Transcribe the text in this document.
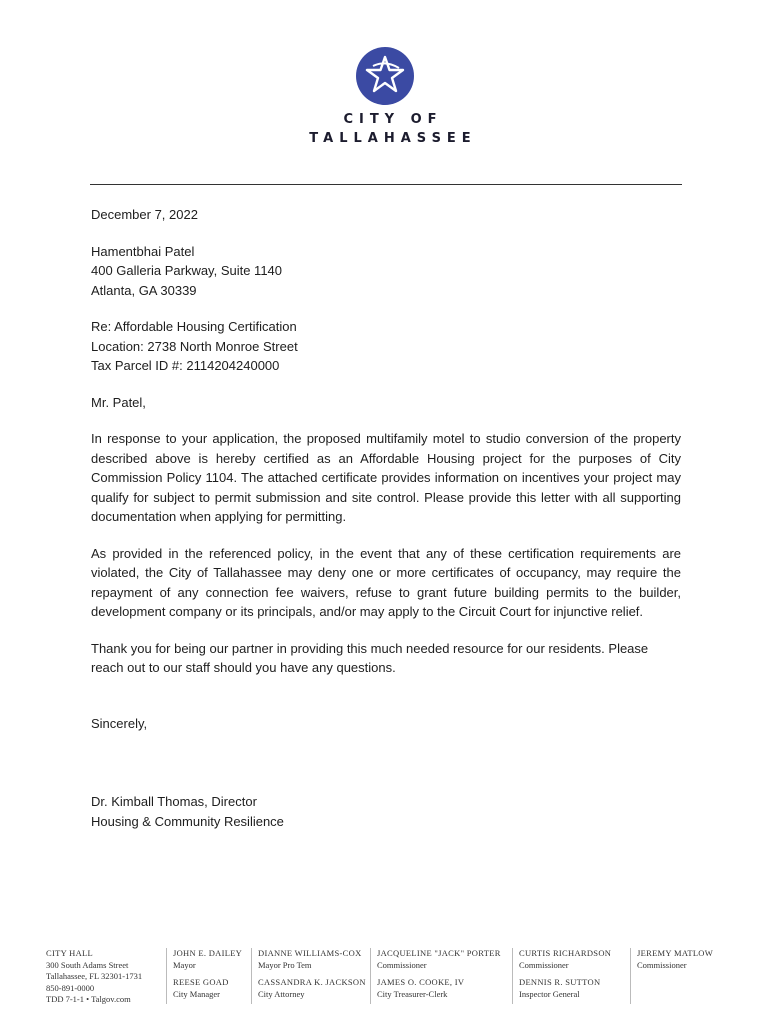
CITY OF
TALLAHASSEE

December 7, 2022

Hamentbhai Patel

400 Galleria Parkway, Suite 1140

Atlanta, GA 30339

Re: Affordable Housing Certification

Location: 2738 North Monroe Street

Tax Parcel ID #: 2114204240000

Mr. Patel,

In response to your application, the proposed multifamily motel to studio conversion of the property described above is hereby certified as an Affordable Housing project for the purposes of City Commission Policy 1104. The attached certificate provides information on incentives your project may qualify for subject to permit submission and site control. Please provide this letter with all supporting documentation when applying for permitting.

As provided in the referenced policy, in the event that any of these certification requirements are violated, the City of Tallahassee may deny one or more certificates of occupancy, may require the repayment of any connection fee waivers, refuse to grant future building permits to the builder, development company or its principals, and/or may apply to the Circuit Court for injunctive relief.

Thank you for being our partner in providing this much needed resource for our residents. Please reach out to our staff should you have any questions.

Sincerely,

Dr. Kimball Thomas, Director

Housing & Community Resilience

CITY HALL
300 South Adams Street
Tallahassee, FL 32301-1731
850-891-0000
TDD 7-1-1 • Talgov.com
JOHN E. DAILEY
Mayor
REESE GOAD
City Manager
DIANNE WILLIAMS-COX
Mayor Pro Tem
CASSANDRA K. JACKSON
City Attorney
JACQUELINE "JACK" PORTER
Commissioner
JAMES O. COOKE, IV
City Treasurer-Clerk
CURTIS RICHARDSON
Commissioner
DENNIS R. SUTTON
Inspector General
JEREMY MATLOW
Commissioner
